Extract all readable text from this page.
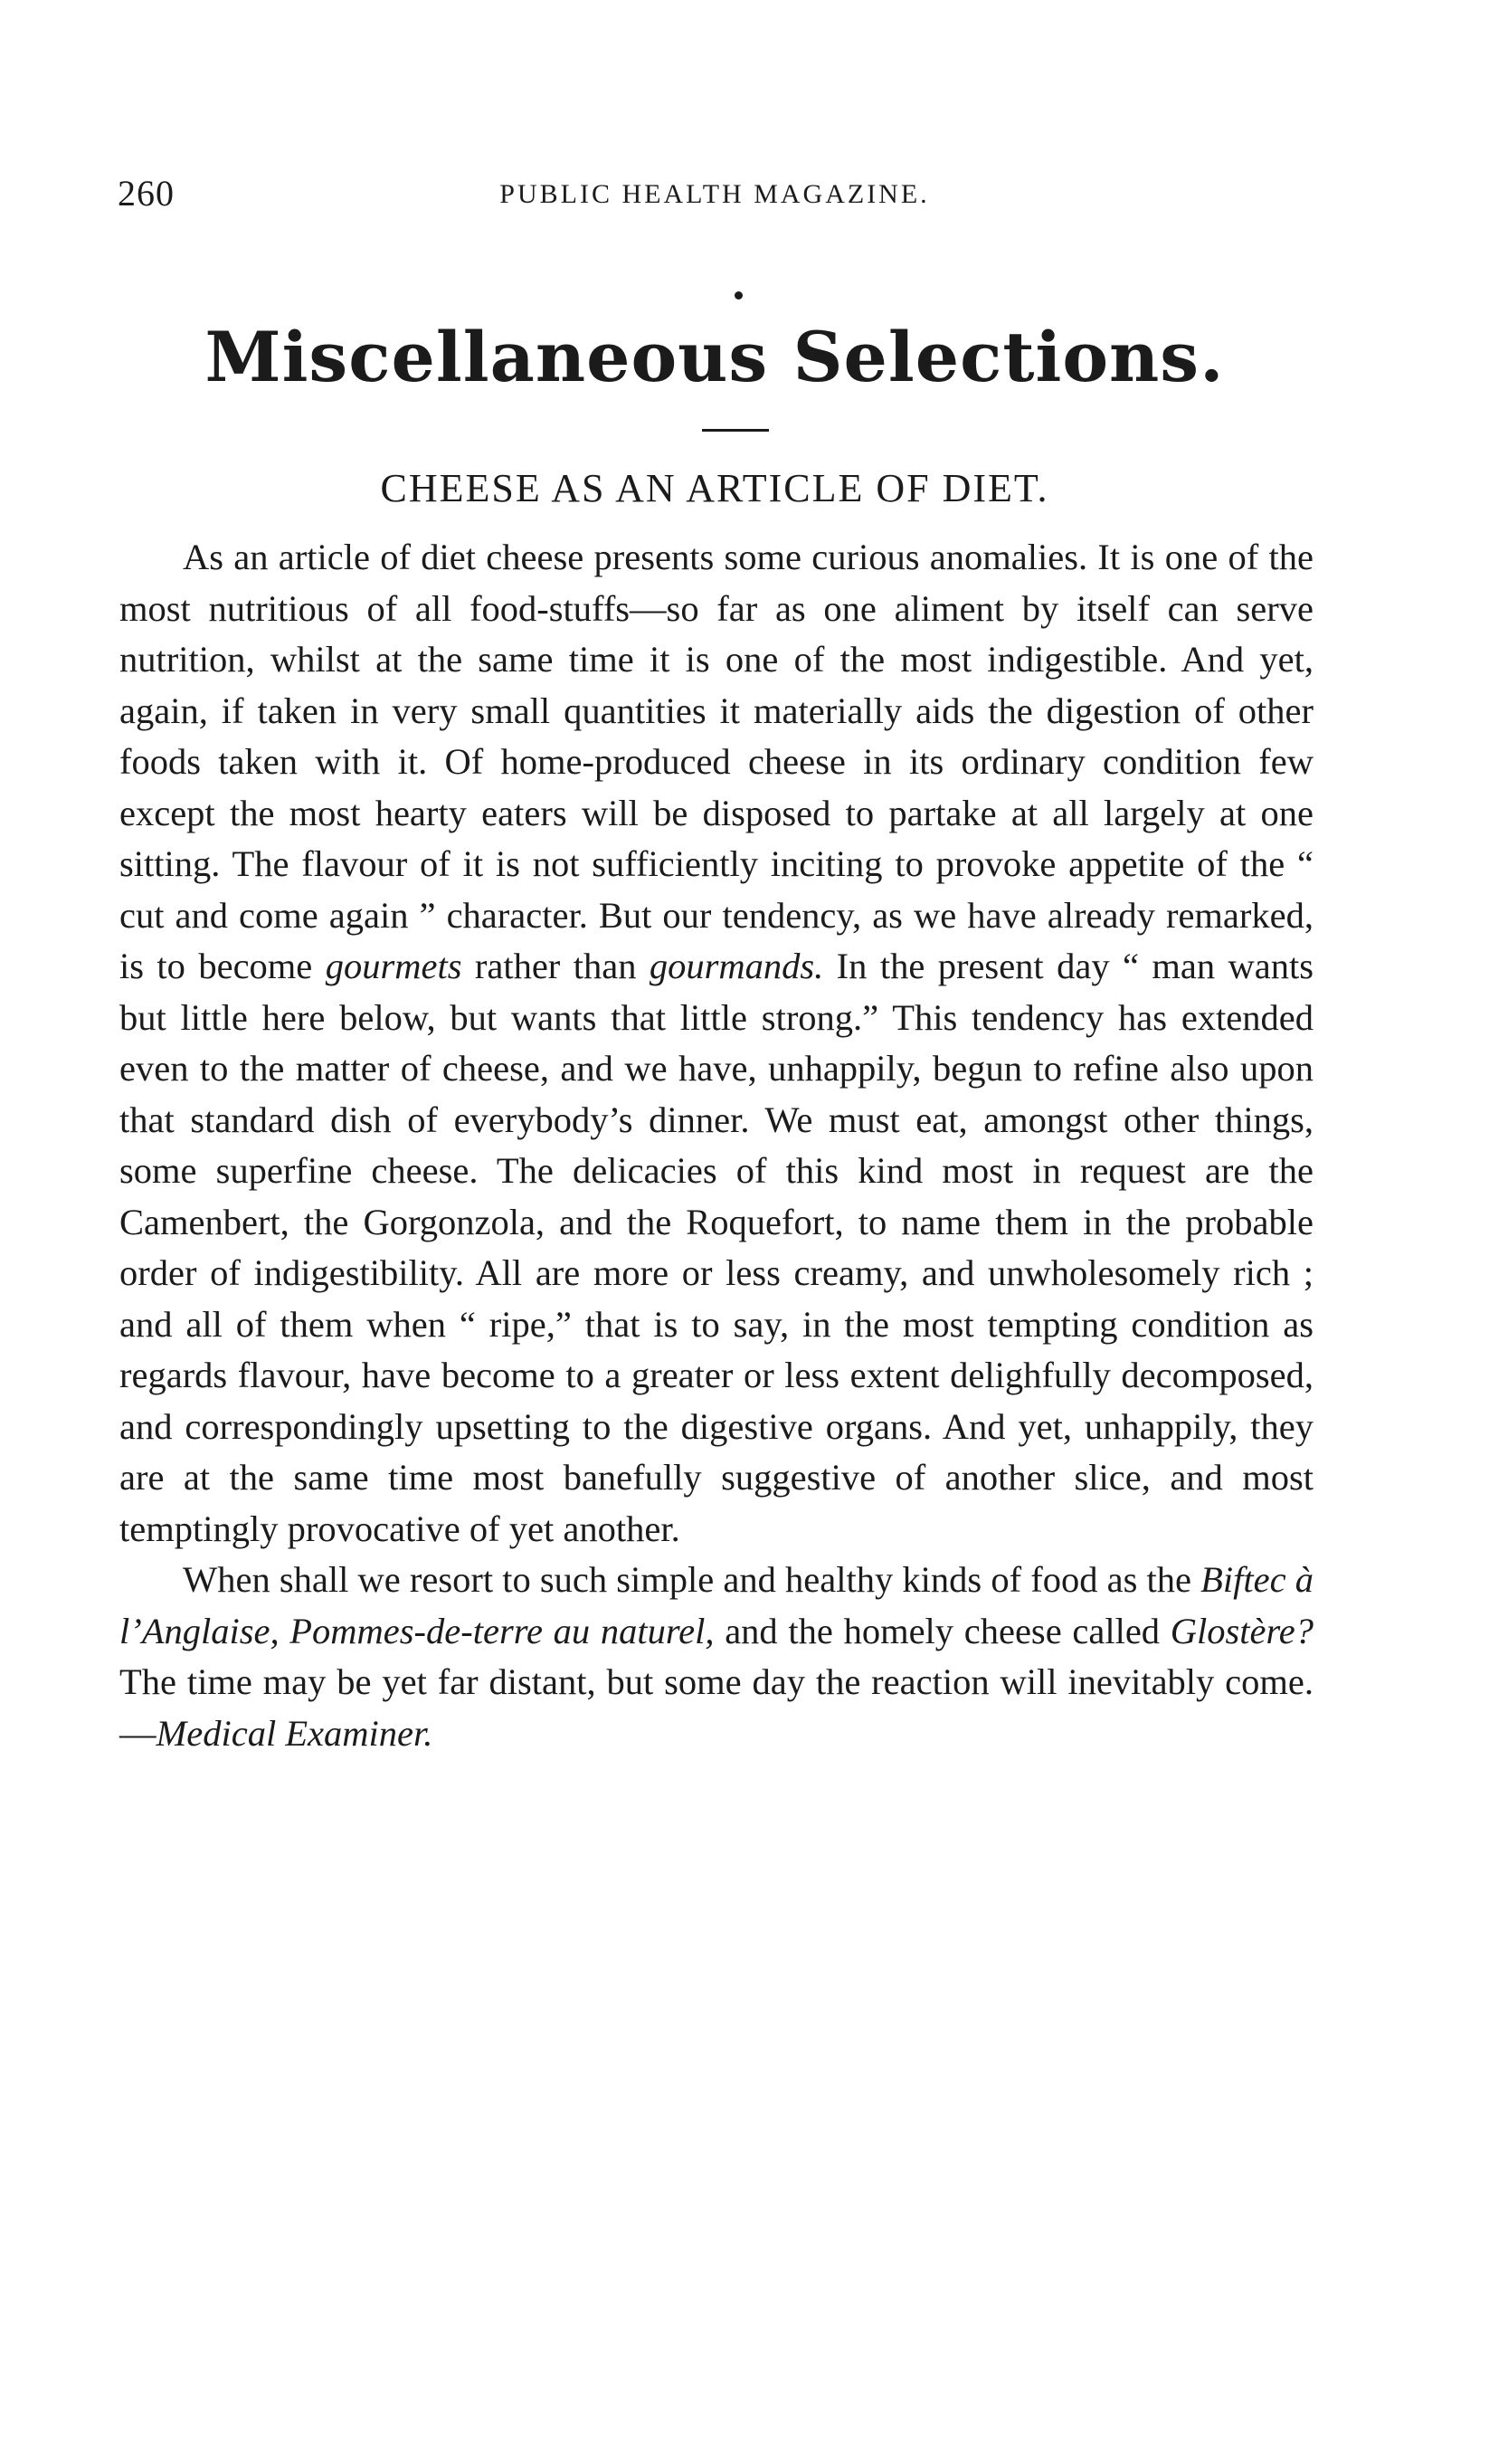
260	PUBLIC HEALTH MAGAZINE.
Miscellaneous Selections.
CHEESE AS AN ARTICLE OF DIET.

As an article of diet cheese presents some curious anomalies. It is one of the most nutritious of all food-stuffs—so far as one aliment by itself can serve nutrition, whilst at the same time it is one of the most indigestible. And yet, again, if taken in very small quantities it materially aids the digestion of other foods taken with it. Of home-produced cheese in its ordinary condition few except the most hearty eaters will be disposed to partake at all largely at one sitting. The flavour of it is not sufficiently inciting to provoke appetite of the “ cut and come again ” character. But our tendency, as we have already remarked, is to become gourmets rather than gourmands. In the present day “ man wants but little here below, but wants that little strong.” This tendency has extended even to the matter of cheese, and we have, unhappily, begun to refine also upon that standard dish of everybody’s dinner. We must eat, amongst other things, some superfine cheese. The delicacies of this kind most in request are the Camenbert, the Gorgonzola, and the Roquefort, to name them in the probable order of indigestibility. All are more or less creamy, and unwholesomely rich ; and all of them when “ ripe,” that is to say, in the most tempting condition as regards flavour, have become to a greater or less extent delighfully decomposed, and correspondingly upsetting to the digestive organs. And yet, unhappily, they are at the same time most banefully suggestive of another slice, and most temptingly provocative of yet another.

When shall we resort to such simple and healthy kinds of food as the Biftec à l’Anglaise, Pommes-de-terre au naturel, and the homely cheese called Glostère? The time may be yet far distant, but some day the reaction will inevitably come.—Medical Examiner.
